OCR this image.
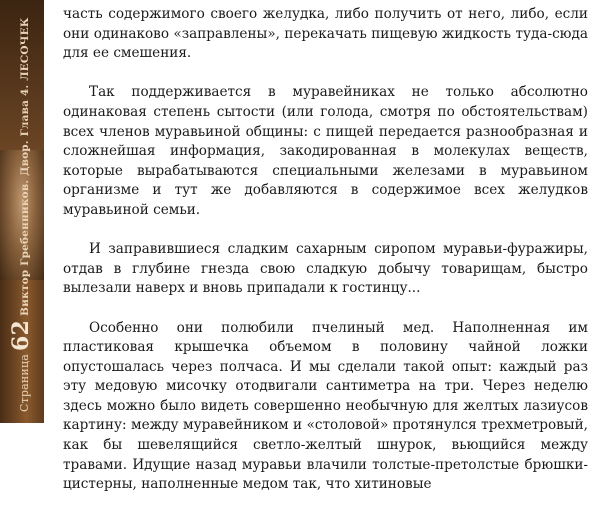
Страница62Виктор Гребенников. Двор. Глава 4. ЛЕСОЧЕК

часть содержимого своего желудка, либо получить от него, либо, если они одинаково «заправлены», перекачать пищевую жидкость туда-сюда для ее смешения.

Так поддерживается в муравейниках не только абсолютно одинаковая степень сытости (или голода, смотря по обстоятельствам) всех членов муравьиной общины: с пищей передается разнообразная и сложнейшая информация, закодированная в молекулах веществ, которые вырабатываются специальными железами в муравьином организме и тут же добавляются в содержимое всех желудков муравьиной семьи.

И заправившиеся сладким сахарным сиропом муравьи-фуражиры, отдав в глубине гнезда свою сладкую добычу товарищам, быстро вылезали наверх и вновь припадали к гостинцу...

Особенно они полюбили пчелиный мед. Наполненная им пластиковая крышечка объемом в половину чайной ложки опустошалась через полчаса. И мы сделали такой опыт: каждый раз эту медовую мисочку отодвигали сантиметра на три. Через неделю здесь можно было видеть совершенно необычную для желтых лазиусов картину: между муравейником и «столовой» протянулся трехметровый, как бы шевелящийся светло-желтый шнурок, вьющийся между травами. Идущие назад муравьи влачили толстые-претолстые брюшки-цистерны, наполненные медом так, что хитиновые
